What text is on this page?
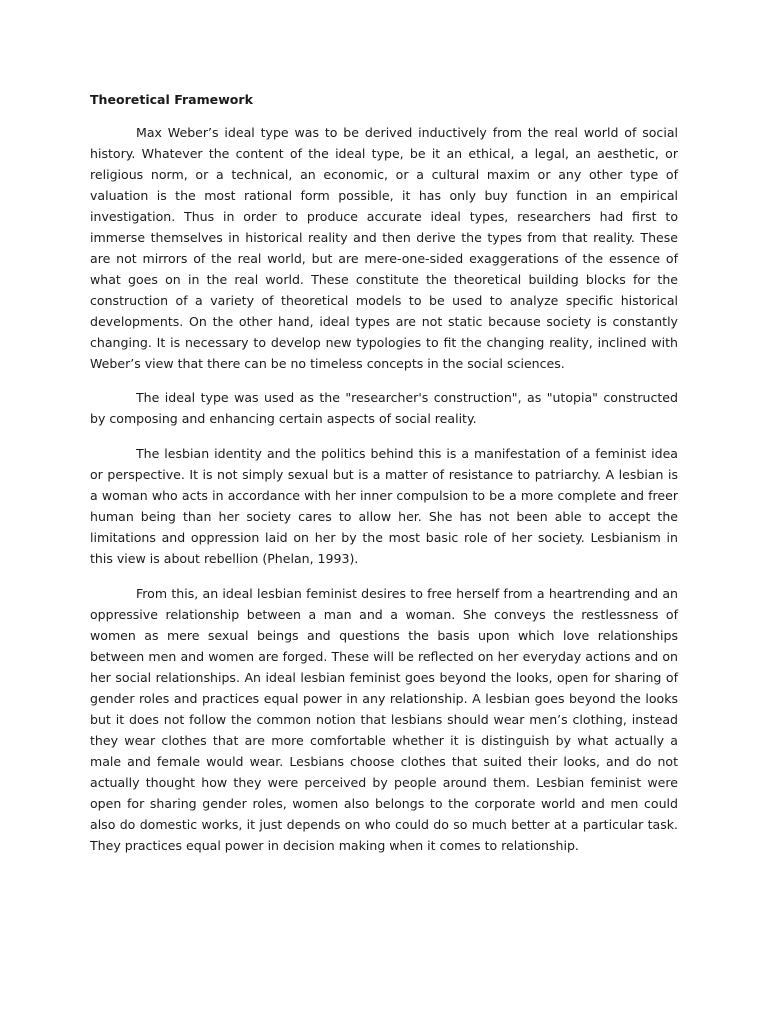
Theoretical Framework

Max Weber’s ideal type was to be derived inductively from the real world of social history. Whatever the content of the ideal type, be it an ethical, a legal, an aesthetic, or religious norm, or a technical, an economic, or a cultural maxim or any other type of valuation is the most rational form possible, it has only buy function in an empirical investigation. Thus in order to produce accurate ideal types, researchers had first to immerse themselves in historical reality and then derive the types from that reality. These are not mirrors of the real world, but are mere-one-sided exaggerations of the essence of what goes on in the real world. These constitute the theoretical building blocks for the construction of a variety of theoretical models to be used to analyze specific historical developments. On the other hand, ideal types are not static because society is constantly changing. It is necessary to develop new typologies to fit the changing reality, inclined with Weber’s view that there can be no timeless concepts in the social sciences.

The ideal type was used as the "researcher's construction", as "utopia" constructed by composing and enhancing certain aspects of social reality.

The lesbian identity and the politics behind this is a manifestation of a feminist idea or perspective. It is not simply sexual but is a matter of resistance to patriarchy. A lesbian is a woman who acts in accordance with her inner compulsion to be a more complete and freer human being than her society cares to allow her. She has not been able to accept the limitations and oppression laid on her by the most basic role of her society. Lesbianism in this view is about rebellion (Phelan, 1993).

From this, an ideal lesbian feminist desires to free herself from a heartrending and an oppressive relationship between a man and a woman. She conveys the restlessness of women as mere sexual beings and questions the basis upon which love relationships between men and women are forged. These will be reflected on her everyday actions and on her social relationships. An ideal lesbian feminist goes beyond the looks, open for sharing of gender roles and practices equal power in any relationship. A lesbian goes beyond the looks but it does not follow the common notion that lesbians should wear men’s clothing, instead they wear clothes that are more comfortable whether it is distinguish by what actually a male and female would wear. Lesbians choose clothes that suited their looks, and do not actually thought how they were perceived by people around them. Lesbian feminist were open for sharing gender roles, women also belongs to the corporate world and men could also do domestic works, it just depends on who could do so much better at a particular task. They practices equal power in decision making when it comes to relationship.
